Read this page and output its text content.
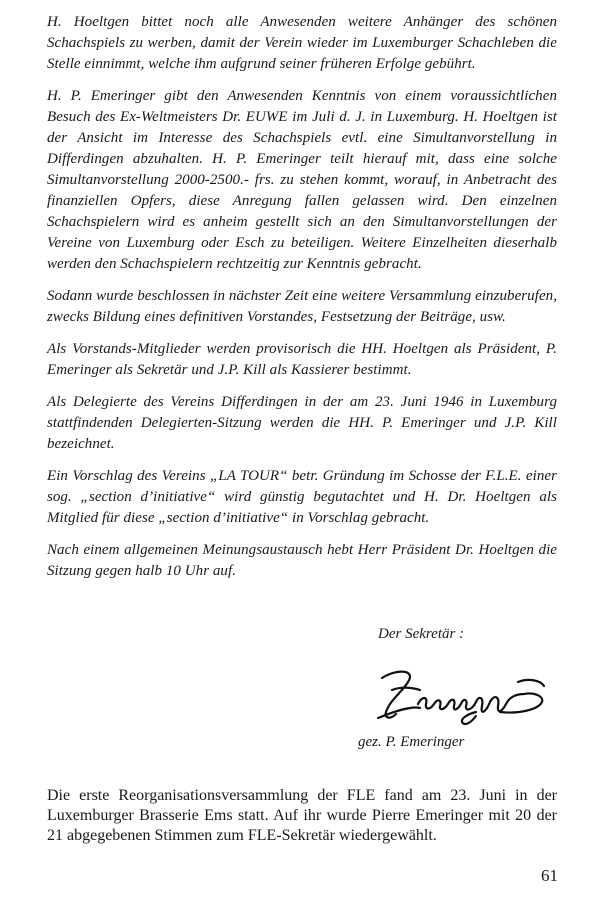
H. Hoeltgen bittet noch alle Anwesenden weitere Anhänger des schönen Schachspiels zu werben, damit der Verein wieder im Luxemburger Schachleben die Stelle einnimmt, welche ihm aufgrund seiner früheren Erfolge gebührt.

H. P. Emeringer gibt den Anwesenden Kenntnis von einem voraussichtlichen Besuch des Ex-Weltmeisters Dr. EUWE im Juli d. J. in Luxemburg. H. Hoeltgen ist der Ansicht im Interesse des Schachspiels evtl. eine Simultanvorstellung in Differdingen abzuhalten. H. P. Emeringer teilt hierauf mit, dass eine solche Simultanvorstellung 2000-2500.- frs. zu stehen kommt, worauf, in Anbetracht des finanziellen Opfers, diese Anregung fallen gelassen wird. Den einzelnen Schachspielern wird es anheim gestellt sich an den Simultanvorstellungen der Vereine von Luxemburg oder Esch zu beteiligen. Weitere Einzelheiten dieserhalb werden den Schachspielern rechtzeitig zur Kenntnis gebracht.

Sodann wurde beschlossen in nächster Zeit eine weitere Versammlung einzuberufen, zwecks Bildung eines definitiven Vorstandes, Festsetzung der Beiträge, usw.

Als Vorstands-Mitglieder werden provisorisch die HH. Hoeltgen als Präsident, P. Emeringer als Sekretär und J.P. Kill als Kassierer bestimmt.

Als Delegierte des Vereins Differdingen in der am 23. Juni 1946 in Luxemburg stattfindenden Delegierten-Sitzung werden die HH. P. Emeringer und J.P. Kill bezeichnet.

Ein Vorschlag des Vereins „LA TOUR“ betr. Gründung im Schosse der F.L.E. einer sog. „section d’initiative“ wird günstig begutachtet und H. Dr. Hoeltgen als Mitglied für diese „section d’initiative“ in Vorschlag gebracht.

Nach einem allgemeinen Meinungsaustausch hebt Herr Präsident Dr. Hoeltgen die Sitzung gegen halb 10 Uhr auf.

Der Sekretär :
gez. P. Emeringer
Die erste Reorganisationsversammlung der FLE fand am 23. Juni in der Luxemburger Brasserie Ems statt. Auf ihr wurde Pierre Emeringer mit 20 der 21 abgegebenen Stimmen zum FLE-Sekretär wiedergewählt.
61
